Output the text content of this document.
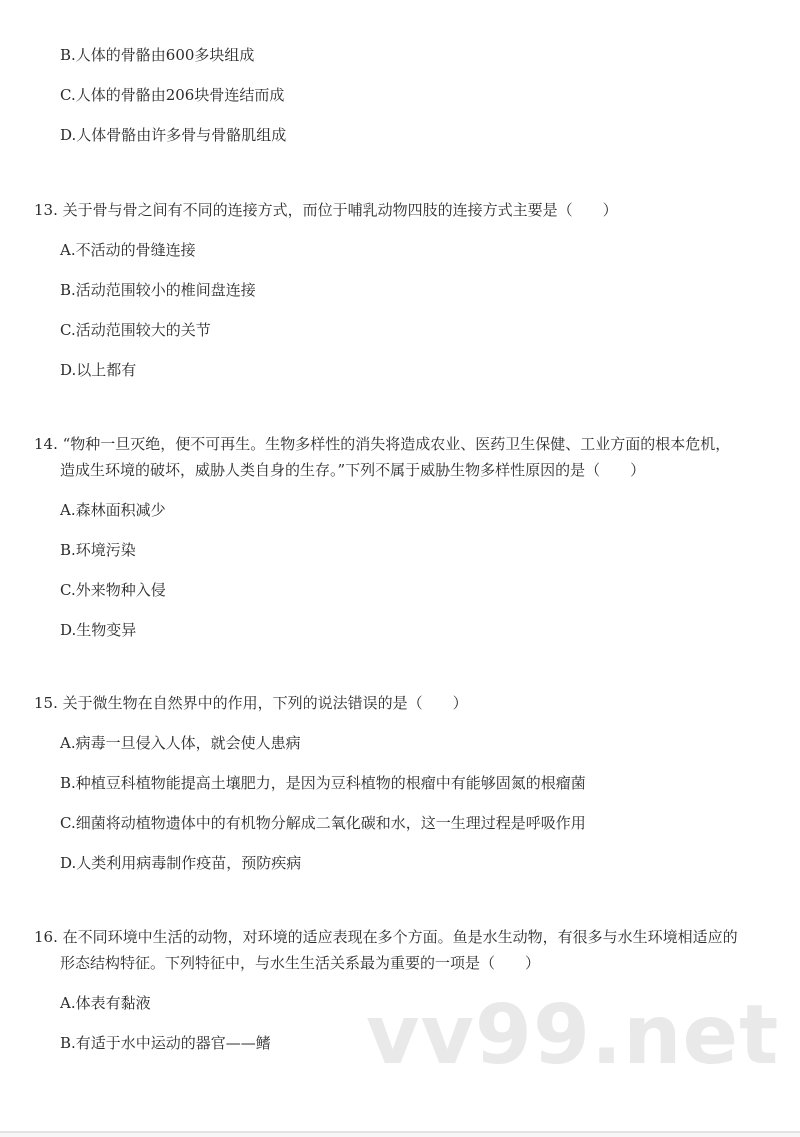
B.人体的骨骼由600多块组成
C.人体的骨骼由206块骨连结而成
D.人体骨骼由许多骨与骨骼肌组成
13. 关于骨与骨之间有不同的连接方式，而位于哺乳动物四肢的连接方式主要是（　　）
A.不活动的骨缝连接
B.活动范围较小的椎间盘连接
C.活动范围较大的关节
D.以上都有
14. “物种一旦灭绝，便不可再生。生物多样性的消失将造成农业、医药卫生保健、工业方面的根本危机，
造成生环境的破坏，威胁人类自身的生存。”下列不属于威胁生物多样性原因的是（　　）
A.森林面积减少
B.环境污染
C.外来物种入侵
D.生物变异
15. 关于微生物在自然界中的作用，下列的说法错误的是（　　）
A.病毒一旦侵入人体，就会使人患病
B.种植豆科植物能提高土壤肥力，是因为豆科植物的根瘤中有能够固氮的根瘤菌
C.细菌将动植物遗体中的有机物分解成二氧化碳和水，这一生理过程是呼吸作用
D.人类利用病毒制作疫苗，预防疾病
16. 在不同环境中生活的动物，对环境的适应表现在多个方面。鱼是水生动物，有很多与水生环境相适应的
形态结构特征。下列特征中，与水生生活关系最为重要的一项是（　　）
A.体表有黏液
B.有适于水中运动的器官——鳍 vv99.net
